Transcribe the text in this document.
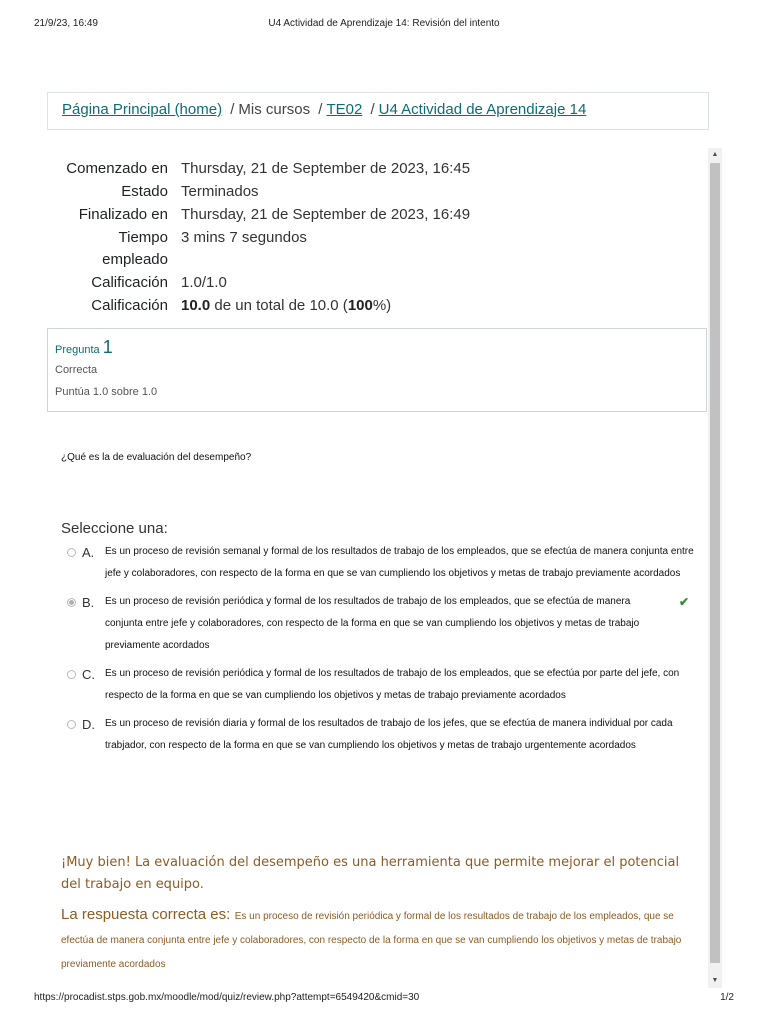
U4 Actividad de Aprendizaje 14: Revisión del intento
21/9/23, 16:49
Página Principal (home) / Mis cursos / TE02 / U4 Actividad de Aprendizaje 14
▲
▼
Comenzado en Thursday, 21 de September de 2023, 16:45
Estado Terminados
Finalizado en Thursday, 21 de September de 2023, 16:49
Tiempo
empleado
3 mins 7 segundos
Calificación 1.0/1.0
Calificación 10.0 de un total de 10.0 (100%)
Pregunta 1
Correcta
Puntúa 1.0 sobre 1.0
¿Qué es la de evaluación del desempeño?
Seleccione una:
A.	Es un proceso de revisión semanal y formal de los resultados de trabajo de los empleados, que se efectúa de manera conjunta entre jefe y colaboradores, con respecto de la forma en que se van cumpliendo los objetivos y metas de trabajo previamente acordados
B.	Es un proceso de revisión periódica y formal de los resultados de trabajo de los empleados, que se efectúa de manera conjunta entre jefe y colaboradores, con respecto de la forma en que se van cumpliendo los objetivos y metas de trabajo previamente acordados
✔
C.	Es un proceso de revisión periódica y formal de los resultados de trabajo de los empleados, que se efectúa por parte del jefe, con respecto de la forma en que se van cumpliendo los objetivos y metas de trabajo previamente acordados
D.	Es un proceso de revisión diaria y formal de los resultados de trabajo de los jefes, que se efectúa de manera individual por cada trabjador, con respecto de la forma en que se van cumpliendo los objetivos y metas de trabajo urgentemente acordados
¡Muy bien! La evaluación del desempeño es una herramienta que permite mejorar el potencial del trabajo en equipo.
La respuesta correcta es: Es un proceso de revisión periódica y formal de los resultados de trabajo de los empleados, que se efectúa de manera conjunta entre jefe y colaboradores, con respecto de la forma en que se van cumpliendo los objetivos y metas de trabajo previamente acordados
https://procadist.stps.gob.mx/moodle/mod/quiz/review.php?attempt=6549420&cmid=30	1/2
